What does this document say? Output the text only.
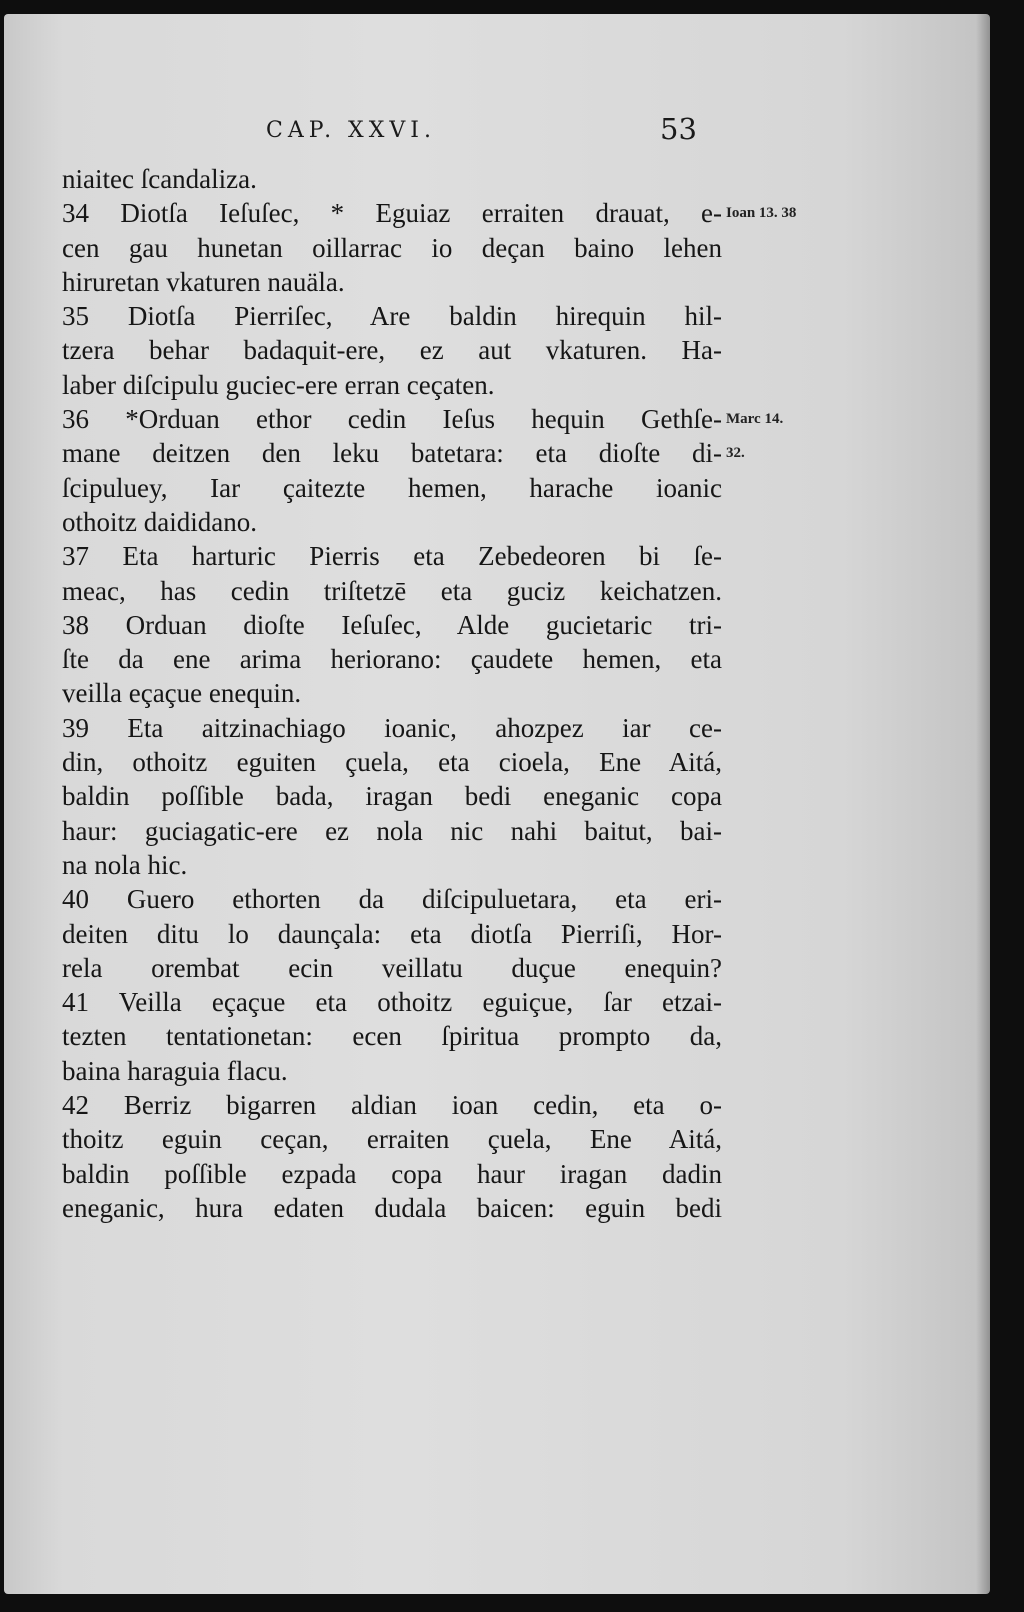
CAP. XXVI.	53
niaitec ſcandaliza.
34 Diotſa Ieſuſec, * Eguiaz erraiten drauat, e-
cen gau hunetan oillarrac io deçan baino lehen
hiruretan vkaturen nauäla.
35 Diotſa Pierriſec, Are baldin hirequin hil-
tzera behar badaquit-ere, ez aut vkaturen. Ha-
laber diſcipulu guciec-ere erran ceçaten.
36 *Orduan ethor cedin Ieſus hequin Gethſe-
mane deitzen den leku batetara: eta dioſte di-
ſcipuluey, Iar çaitezte hemen, harache ioanic
othoitz daididano.
37 Eta harturic Pierris eta Zebedeoren bi ſe-
meac, has cedin triſtetzē eta guciz keichatzen.
38 Orduan dioſte Ieſuſec, Alde gucietaric tri-
ſte da ene arima heriorano: çaudete hemen, eta
veilla eçaçue enequin.
39 Eta aitzinachiago ioanic, ahozpez iar ce-
din, othoitz eguiten çuela, eta cioela, Ene Aitá,
baldin poſſible bada, iragan bedi eneganic copa
haur: guciagatic-ere ez nola nic nahi baitut, bai-
na nola hic.
40 Guero ethorten da diſcipuluetara, eta eri-
deiten ditu lo daunçala: eta diotſa Pierriſi, Hor-
rela orembat ecin veillatu duçue enequin?
41 Veilla eçaçue eta othoitz eguiçue, ſar etzai-
tezten tentationetan: ecen ſpiritua prompto da,
baina haraguia flacu.
42 Berriz bigarren aldian ioan cedin, eta o-
thoitz eguin ceçan, erraiten çuela, Ene Aitá,
baldin poſſible ezpada copa haur iragan dadin
eneganic, hura edaten dudala baicen: eguin bedi
Ioan 13. 38
Marc 14.
32.
